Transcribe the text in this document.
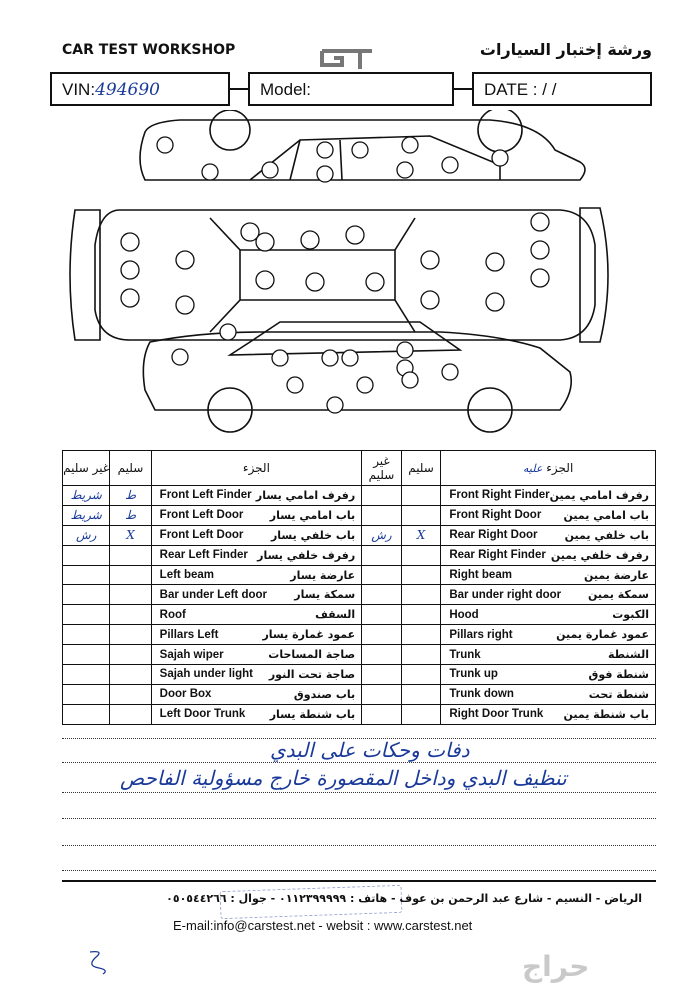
CAR TEST WORKSHOP	ورشة إختبار السيارات
GT
VIN:494690	Model:	DATE : / /
غير سليم	سليم	الجزء	غير سليم	سليم	الجزء عليه
شريط	ط	Front Left Finder رفرف امامي يسار			Front Right Finder رفرف امامي يمين

شريط	ط	Front Left Door باب امامي يسار			Front Right Door باب امامي يمين

رش	X	Front Left Door باب خلفي يسار	رش	X	Rear Right Door باب خلفي يمين

		Rear Left Finder رفرف خلفي يسار			Rear Right Finder رفرف خلفي يمين

		Left beam عارضة يسار			Right beam عارضة يمين

		Bar under Left door سمكة يسار			Bar under right door سمكة يمين

		Roof السقف			Hood الكبوت

		Pillars Left عمود غمارة يسار			Pillars right عمود غمارة يمين

		Sajah wiper صاجة المساحات			Trunk الشنطة

		Sajah under light صاجة تحت النور			Trunk up شنطة فوق

		Door Box باب صندوق			Trunk down شنطة تحت

		Left Door Trunk باب شنطة يسار			Right Door Trunk باب شنطة يمين
دفات وحكات على البدي
تنظيف البدي وداخل المقصورة خارج مسؤولية الفاحص
الرياض - النسيم - شارع عبد الرحمن بن عوف - هاتف : ٠١١٢٣٩٩٩٩٩ - جوال : ٠٥٠٥٤٤٢٦٦
E-mail:info@carstest.net - websit : www.carstest.net
حراج
